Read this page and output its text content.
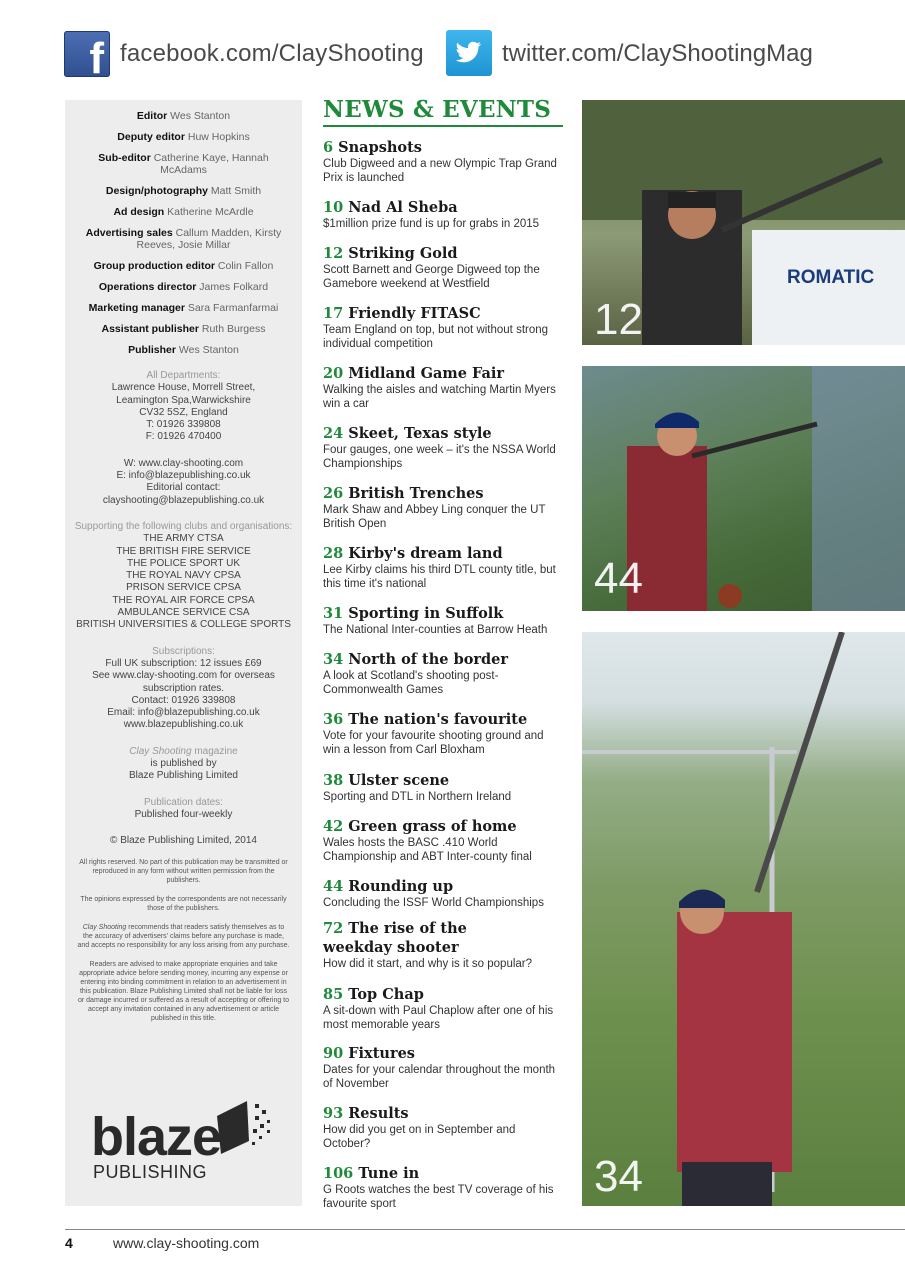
f facebook.com/ClayShooting	twitter.com/ClayShootingMag
Editor Wes Stanton
Deputy editor Huw Hopkins
Sub-editor Catherine Kaye, Hannah McAdams
Design/photography Matt Smith
Ad design Katherine McArdle
Advertising sales Callum Madden, Kirsty Reeves, Josie Millar
Group production editor Colin Fallon
Operations director James Folkard
Marketing manager Sara Farmanfarmai
Assistant publisher Ruth Burgess
Publisher Wes Stanton
All Departments:
Lawrence House, Morrell Street,
Leamington Spa,Warwickshire
CV32 5SZ, England
T: 01926 339808
F: 01926 470400
W: www.clay-shooting.com
E: info@blazepublishing.co.uk
Editorial contact:
clayshooting@blazepublishing.co.uk
Supporting the following clubs and organisations:
THE ARMY CTSA
THE BRITISH FIRE SERVICE
THE POLICE SPORT UK
THE ROYAL NAVY CPSA
PRISON SERVICE CPSA
THE ROYAL AIR FORCE CPSA
AMBULANCE SERVICE CSA
BRITISH UNIVERSITIES & COLLEGE SPORTS
Subscriptions:
Full UK subscription: 12 issues £69
See www.clay-shooting.com for overseas subscription rates.
Contact: 01926 339808
Email: info@blazepublishing.co.uk
www.blazepublishing.co.uk
Clay Shooting magazine
is published by
Blaze Publishing Limited
Publication dates:
Published four-weekly
© Blaze Publishing Limited, 2014
All rights reserved. No part of this publication may be transmitted or reproduced in any form without written permission from the publishers.
The opinions expressed by the correspondents are not necessarily those of the publishers.
Clay Shooting recommends that readers satisfy themselves as to the accuracy of advertisers' claims before any purchase is made, and accepts no responsibility for any loss arising from any purchase.
Readers are advised to make appropriate enquiries and take appropriate advice before sending money, incurring any expense or entering into binding commitment in relation to an advertisement in this publication. Blaze Publishing Limited shall not be liable for loss or damage incurred or suffered as a result of accepting or offering to accept any invitation contained in any advertisement or article published in this title.
blaze
PUBLISHING
NEWS & EVENTS
6 Snapshots
Club Digweed and a new Olympic Trap Grand Prix is launched
10 Nad Al Sheba
$1million prize fund is up for grabs in 2015
12 Striking Gold
Scott Barnett and George Digweed top the Gamebore weekend at Westfield
17 Friendly FITASC
Team England on top, but not without strong individual competition
20 Midland Game Fair
Walking the aisles and watching Martin Myers win a car
24 Skeet, Texas style
Four gauges, one week – it's the NSSA World Championships
26 British Trenches
Mark Shaw and Abbey Ling conquer the UT British Open
28 Kirby's dream land
Lee Kirby claims his third DTL county title, but this time it's national
31 Sporting in Suffolk
The National Inter-counties at Barrow Heath
34 North of the border
A look at Scotland's shooting post-Commonwealth Games
36 The nation's favourite
Vote for your favourite shooting ground and win a lesson from Carl Bloxham
38 Ulster scene
Sporting and DTL in Northern Ireland
42 Green grass of home
Wales hosts the BASC .410 World Championship and ABT Inter-county final
44 Rounding up
Concluding the ISSF World Championships
72 The rise of the weekday shooter
How did it start, and why is it so popular?
85 Top Chap
A sit-down with Paul Chaplow after one of his most memorable years
90 Fixtures
Dates for your calendar throughout the month of November
93 Results
How did you get on in September and October?
106 Tune in
G Roots watches the best TV coverage of his favourite sport
ROMATIC
12
44
34
4	www.clay-shooting.com
